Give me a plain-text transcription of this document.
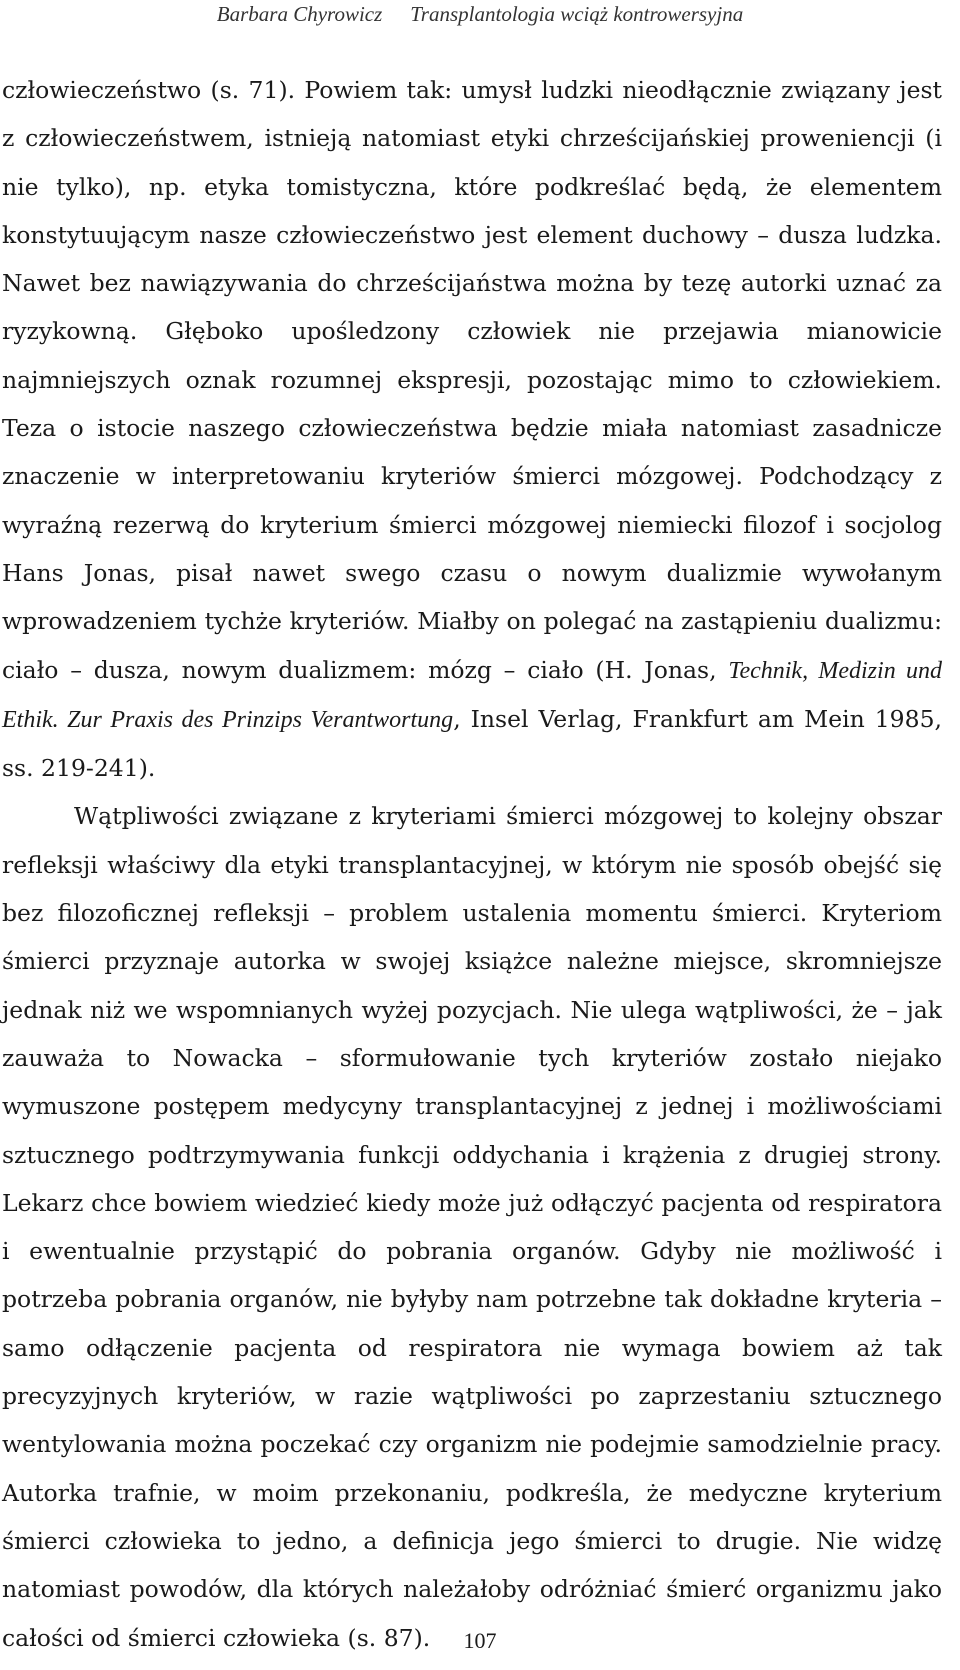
Barbara Chyrowicz Transplantologia wciąż kontrowersyjna

człowieczeństwo (s. 71). Powiem tak: umysł ludzki nieodłącznie związany jest z człowieczeństwem, istnieją natomiast etyki chrześcijańskiej proweniencji (i nie tylko), np. etyka tomistyczna, które podkreślać będą, że elementem konstytuującym nasze człowieczeństwo jest element duchowy – dusza ludzka. Nawet bez nawiązywania do chrześcijaństwa można by tezę autorki uznać za ryzykowną. Głęboko upośledzony człowiek nie przejawia mianowicie najmniejszych oznak rozumnej ekspresji, pozostając mimo to człowiekiem. Teza o istocie naszego człowieczeństwa będzie miała natomiast zasadnicze znaczenie w interpretowaniu kryteriów śmierci mózgowej. Podchodzący z wyraźną rezerwą do kryterium śmierci mózgowej niemiecki filozof i socjolog Hans Jonas, pisał nawet swego czasu o nowym dualizmie wywołanym wprowadzeniem tychże kryteriów. Miałby on polegać na zastąpieniu dualizmu: ciało – dusza, nowym dualizmem: mózg – ciało (H. Jonas, Technik, Medizin und Ethik. Zur Praxis des Prinzips Verantwortung, Insel Verlag, Frankfurt am Mein 1985, ss. 219-241).

Wątpliwości związane z kryteriami śmierci mózgowej to kolejny obszar refleksji właściwy dla etyki transplantacyjnej, w którym nie sposób obejść się bez filozoficznej refleksji – problem ustalenia momentu śmierci. Kryteriom śmierci przyznaje autorka w swojej książce należne miejsce, skromniejsze jednak niż we wspomnianych wyżej pozycjach. Nie ulega wątpliwości, że – jak zauważa to Nowacka – sformułowanie tych kryteriów zostało niejako wymuszone postępem medycyny transplantacyjnej z jednej i możliwościami sztucznego podtrzymywania funkcji oddychania i krążenia z drugiej strony. Lekarz chce bowiem wiedzieć kiedy może już odłączyć pacjenta od respiratora i ewentualnie przystąpić do pobrania organów. Gdyby nie możliwość i potrzeba pobrania organów, nie byłyby nam potrzebne tak dokładne kryteria – samo odłączenie pacjenta od respiratora nie wymaga bowiem aż tak precyzyjnych kryteriów, w razie wątpliwości po zaprzestaniu sztucznego wentylowania można poczekać czy organizm nie podejmie samodzielnie pracy. Autorka trafnie, w moim przekonaniu, podkreśla, że medyczne kryterium śmierci człowieka to jedno, a definicja jego śmierci to drugie. Nie widzę natomiast powodów, dla których należałoby odróżniać śmierć organizmu jako całości od śmierci człowieka (s. 87).	107
